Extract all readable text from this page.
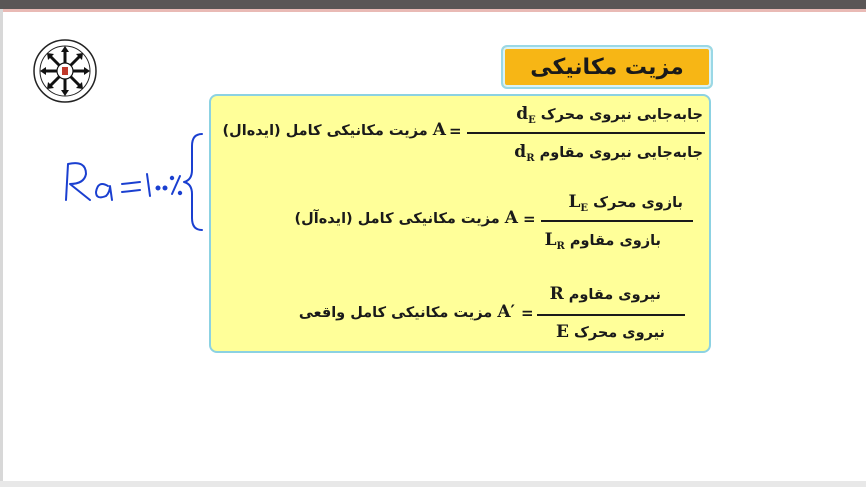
مزیت مکانیکی
A مزیت مکانیکی کامل (ایده‌ال)	=
جابه‌جایی نیروی محرک $d_E$
جابه‌جایی نیروی مقاوم $d_R$
A مزیت مکانیکی کامل (ایده‌آل)	=
بازوی محرک $L_E$
بازوی مقاوم $L_R$
A′ مزیت مکانیکی کامل واقعی	=
نیروی مقاوم R
نیروی محرک E
